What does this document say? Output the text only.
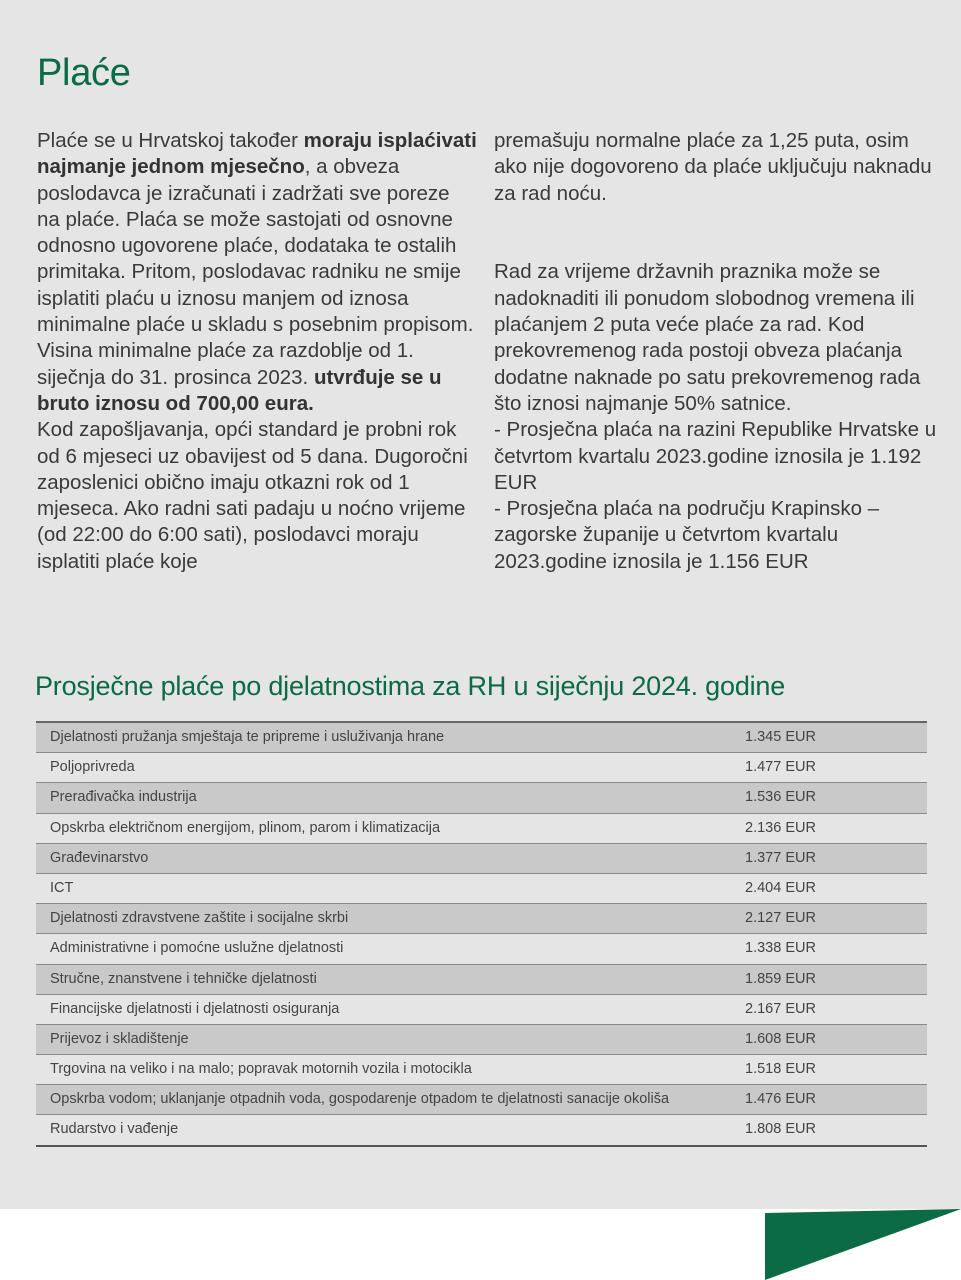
Plaće

Plaće se u Hrvatskoj također moraju isplaćivati najmanje jednom mjesečno, a obveza poslodavca je izračunati i zadržati sve poreze na plaće. Plaća se može sastojati od osnovne odnosno ugovorene plaće, dodataka te ostalih primitaka. Pritom, poslodavac radniku ne smije isplatiti plaću u iznosu manjem od iznosa minimalne plaće u skladu s posebnim propisom.

Visina minimalne plaće za razdoblje od 1. siječnja do 31. prosinca 2023. utvrđuje se u bruto iznosu od 700,00 eura.

Kod zapošljavanja, opći standard je probni rok od 6 mjeseci uz obavijest od 5 dana. Dugoročni zaposlenici obično imaju otkazni rok od 1 mjeseca. Ako radni sati padaju u noćno vrijeme (od 22:00 do 6:00 sati), poslodavci moraju isplatiti plaće koje

premašuju normalne plaće za 1,25 puta, osim ako nije dogovoreno da plaće uključuju naknadu za rad noću.

Rad za vrijeme državnih praznika može se nadoknaditi ili ponudom slobodnog vremena ili plaćanjem 2 puta veće plaće za rad. Kod prekovremenog rada postoji obveza plaćanja dodatne naknade po satu prekovremenog rada što iznosi najmanje 50% satnice.

- Prosječna plaća na razini Republike Hrvatske u četvrtom kvartalu 2023.godine iznosila je 1.192 EUR

- Prosječna plaća na području Krapinsko – zagorske županije u četvrtom kvartalu 2023.godine iznosila je 1.156 EUR

Prosječne plaće po djelatnostima za RH u siječnju 2024. godine
Djelatnosti pružanja smještaja te pripreme i usluživanja hrane	1.345 EUR
Poljoprivreda	1.477 EUR
Prerađivačka industrija	1.536 EUR
Opskrba električnom energijom, plinom, parom i klimatizacija	2.136 EUR
Građevinarstvo	1.377 EUR
ICT	2.404 EUR
Djelatnosti zdravstvene zaštite i socijalne skrbi	2.127 EUR
Administrativne i pomoćne uslužne djelatnosti	1.338 EUR
Stručne, znanstvene i tehničke djelatnosti	1.859 EUR
Financijske djelatnosti i djelatnosti osiguranja	2.167 EUR
Prijevoz i skladištenje	1.608 EUR
Trgovina na veliko i na malo; popravak motornih vozila i motocikla	1.518 EUR
Opskrba vodom; uklanjanje otpadnih voda, gospodarenje otpadom te djelatnosti sanacije okoliša	1.476 EUR
Rudarstvo i vađenje	1.808 EUR
